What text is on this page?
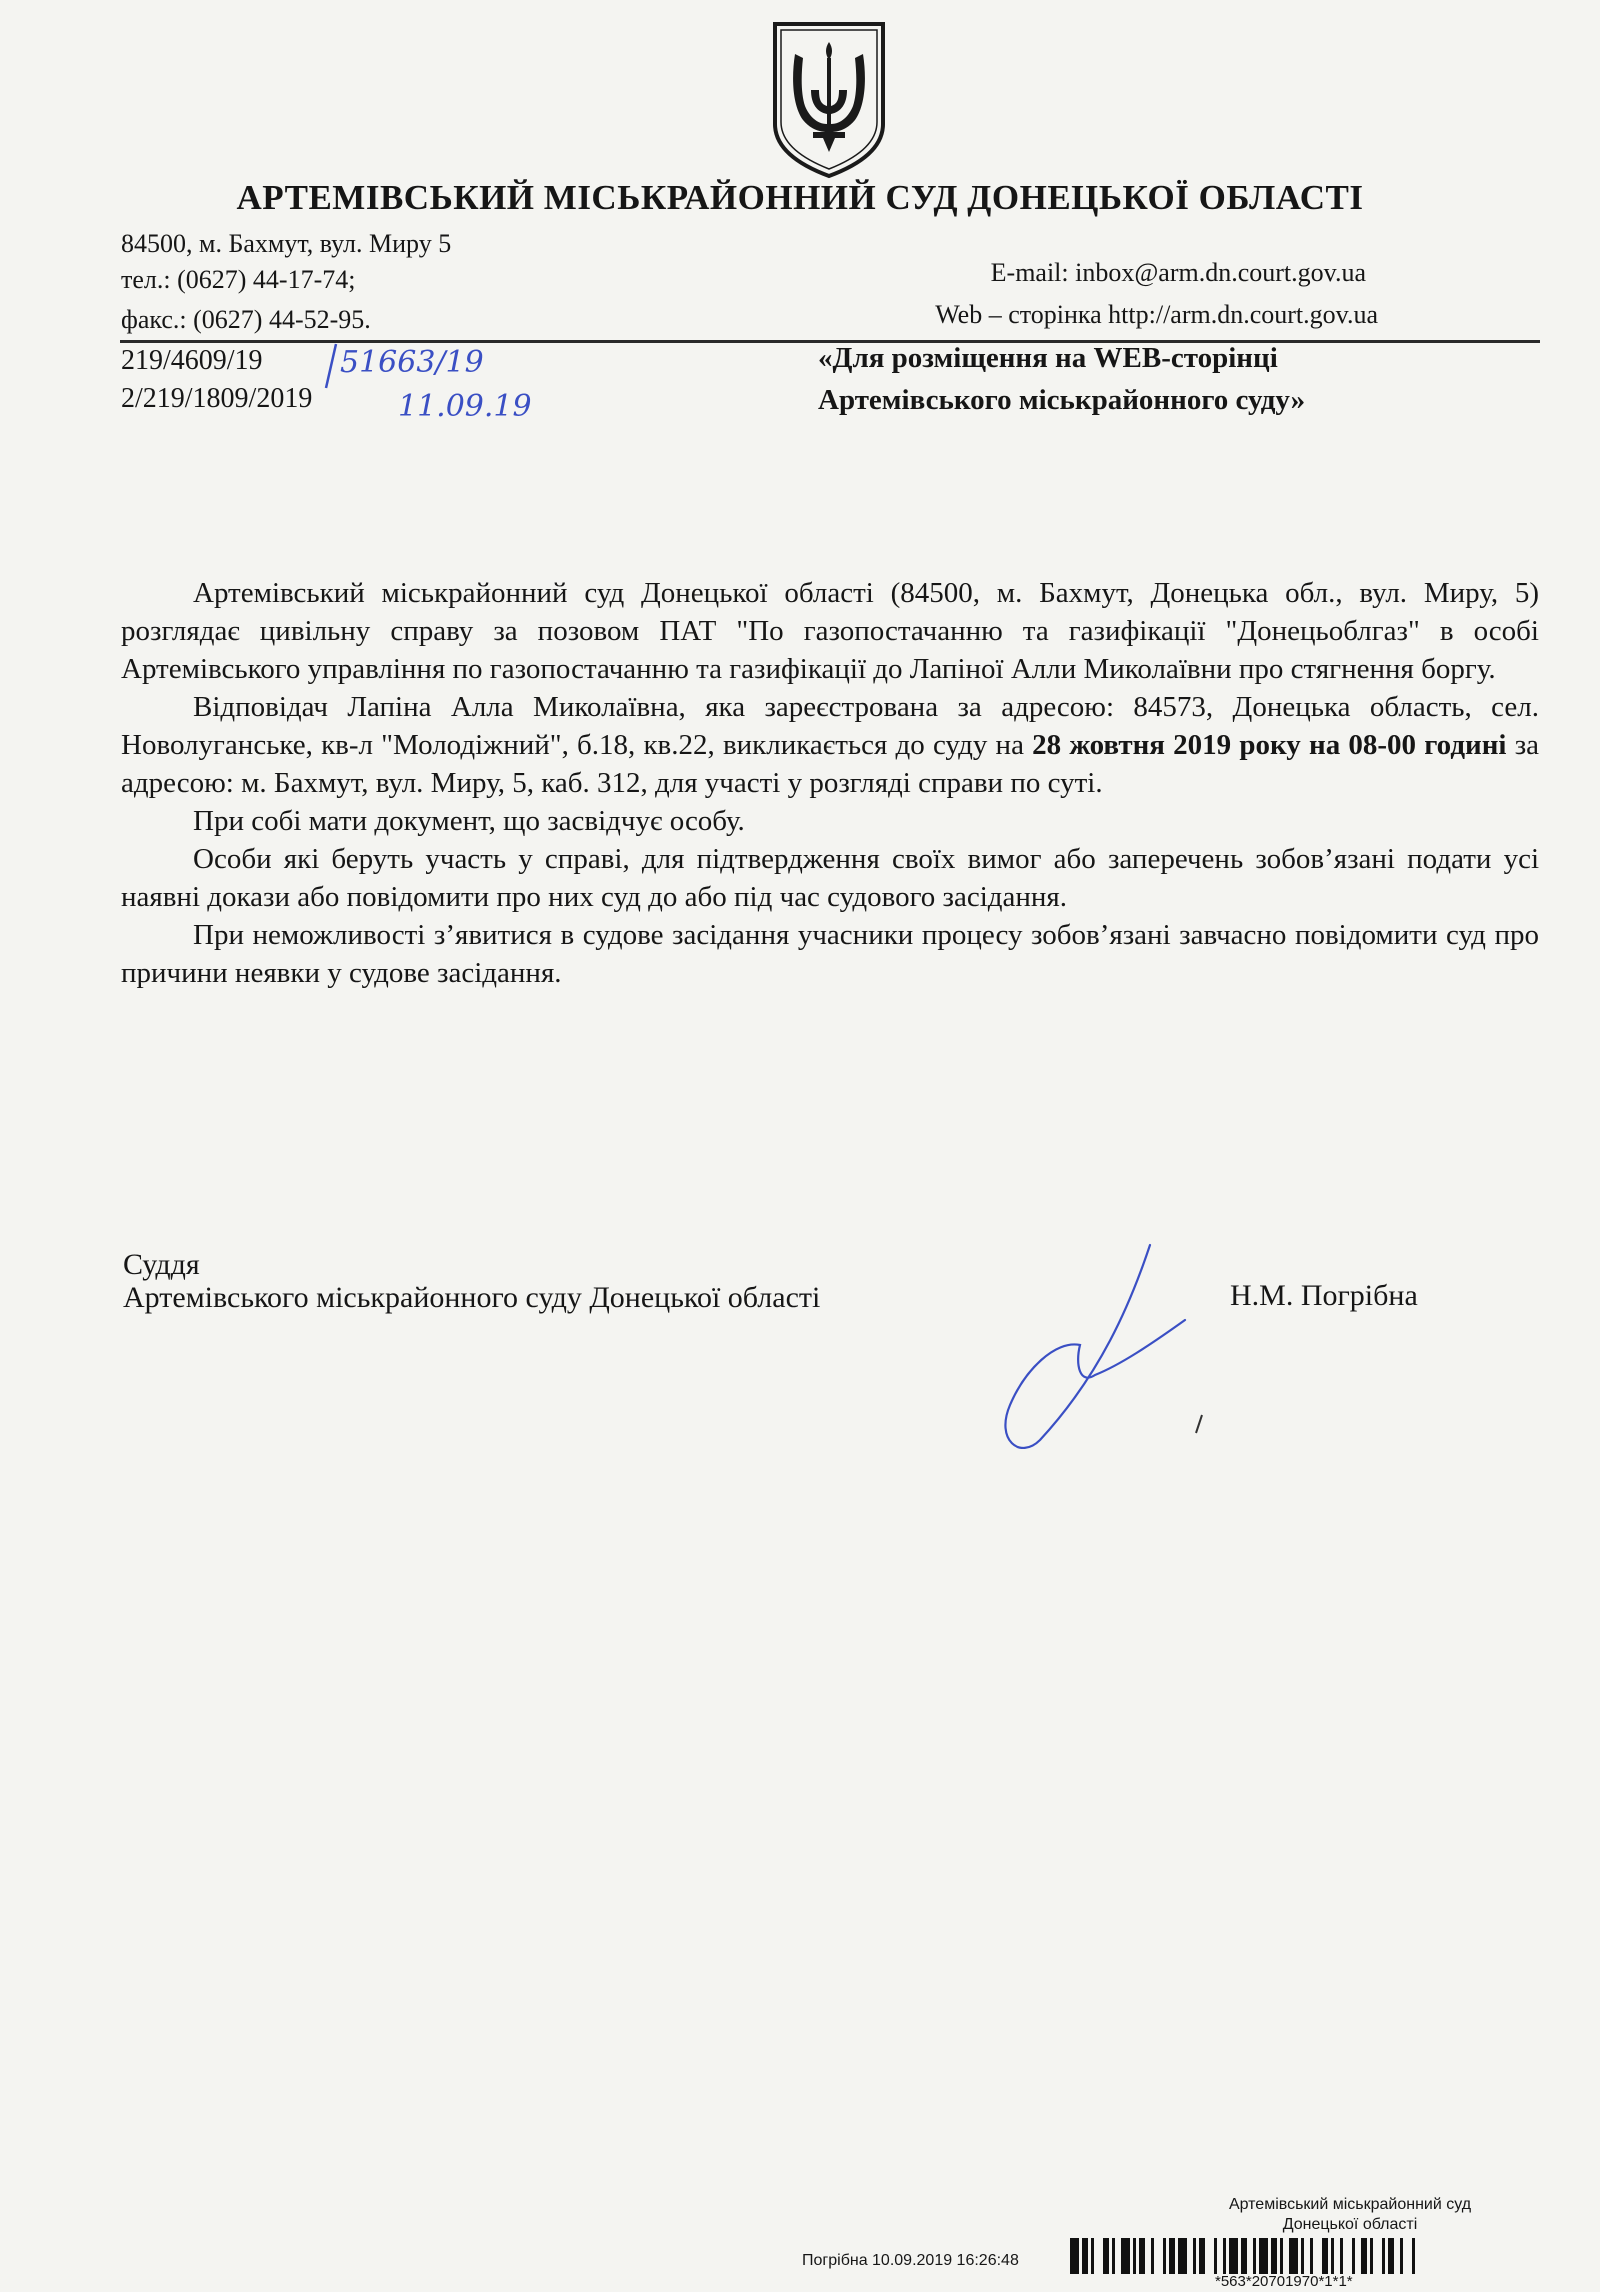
АРТЕМІВСЬКИЙ МІСЬКРАЙОННИЙ СУД ДОНЕЦЬКОЇ ОБЛАСТІ
84500, м. Бахмут, вул. Миру 5
тел.: (0627) 44-17-74;
факс.: (0627) 44-52-95.
E-mail: inbox@arm.dn.court.gov.ua
Web – сторінка http://arm.dn.court.gov.ua
219/4609/19
2/219/1809/2019
51663/19
11.09.19
«Для розміщення на WEB-сторінці
Артемівського міськрайонного суду»

Артемівський міськрайонний суд Донецької області (84500, м. Бахмут, Донецька обл., вул. Миру, 5) розглядає цивільну справу за позовом ПАТ "По газопостачанню та газифікації "Донецьоблгаз" в особі Артемівського управління по газопостачанню та газифікації до Лапіної Алли Миколаївни про стягнення боргу.

Відповідач Лапіна Алла Миколаївна, яка зареєстрована за адресою: 84573, Донецька область, сел. Новолуганське, кв-л "Молодіжний", б.18, кв.22, викликається до суду на 28 жовтня 2019 року на 08-00 годині за адресою: м. Бахмут, вул. Миру, 5, каб. 312, для участі у розгляді справи по суті.

При собі мати документ, що засвідчує особу.

Особи які беруть участь у справі, для підтвердження своїх вимог або заперечень зобов’язані подати усі наявні докази або повідомити про них суд до або під час судового засідання.

При неможливості з’явитися в судове засідання учасники процесу зобов’язані завчасно повідомити суд про причини неявки у судове засідання.

Суддя
Артемівського міськрайонного суду Донецької області	Н.М. Погрібна
Артемівський міськрайонний суд
Донецької області
Погрібна 10.09.2019 16:26:48
*563*20701970*1*1*
